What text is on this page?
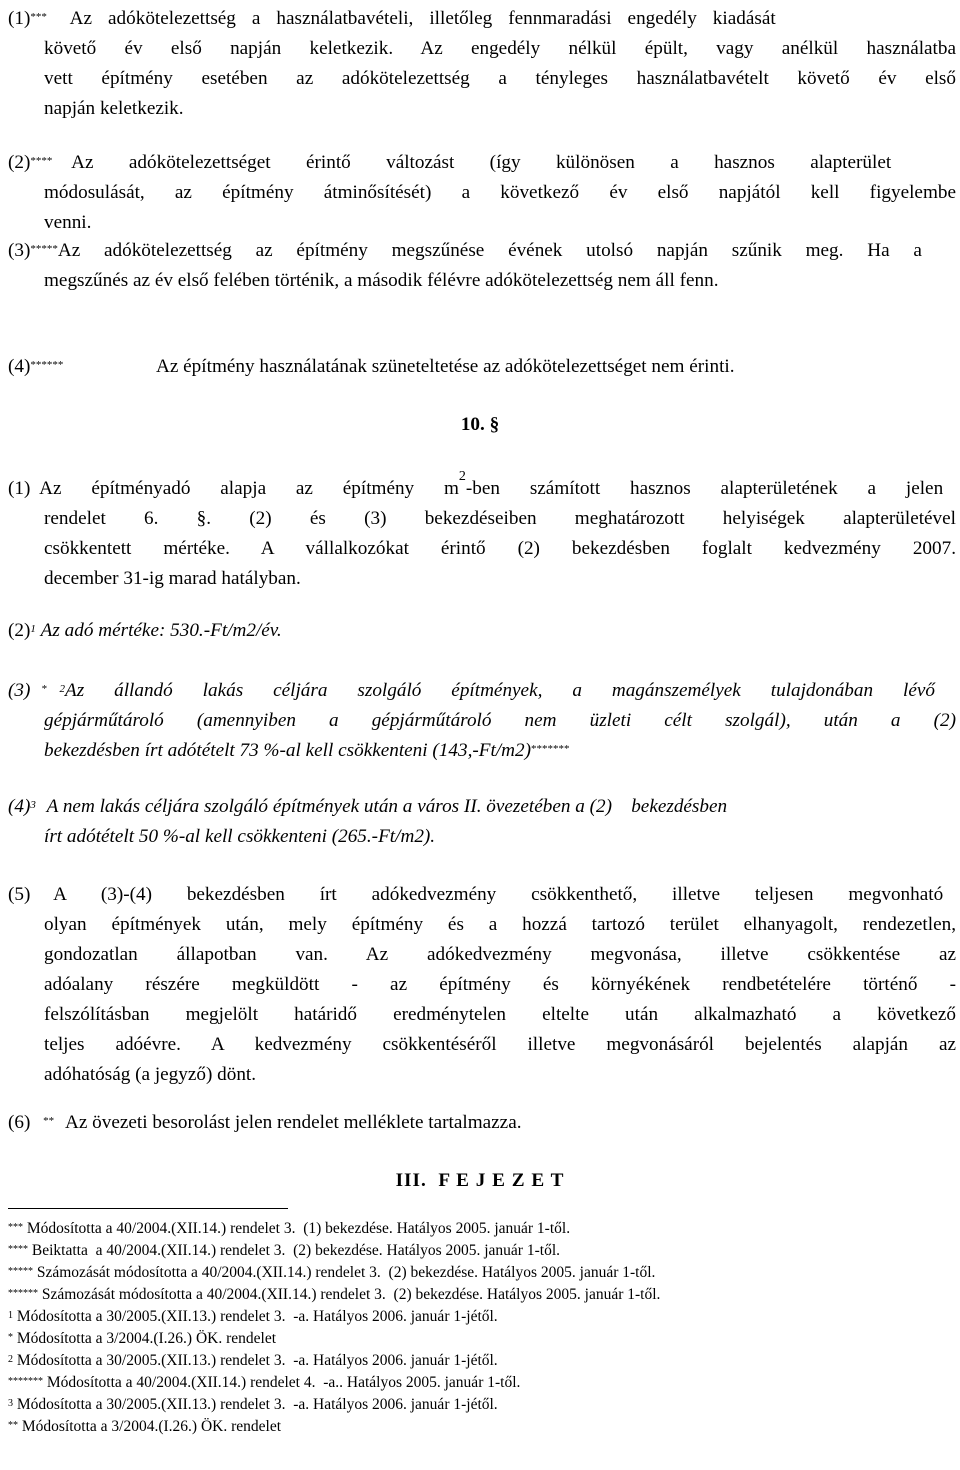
(1)*** Az adókötelezettség a használatbavételi, illetőleg fennmaradási engedély kiadását
követő év első napján keletkezik. Az engedély nélkül épült, vagy anélkül használatba
vett építmény esetében az adókötelezettség a tényleges használatbavételt követő év első
napján keletkezik.
(2)**** Az adókötelezettséget érintő változást (így különösen a hasznos alapterület
módosulását, az építmény átminősítését) a következő év első napjától kell figyelembe
venni.
(3)*****Az adókötelezettség az építmény megszűnése évének utolsó napján szűnik meg. Ha a
megszűnés az év első felében történik, a második félévre adókötelezettség nem áll fenn.
(4)******	Az építmény használatának szüneteltetése az adókötelezettséget nem érinti.
10. §
(1) Az építményadó alapja az építmény $m^2$-ben számított hasznos alapterületének a jelen
rendelet 6. §. (2) és (3) bekezdéseiben meghatározott helyiségek alapterületével
csökkentett mértéke. A vállalkozókat érintő (2) bekezdésben foglalt kedvezmény 2007.
december 31-ig marad hatályban.
$(2)^1$ Az adó mértéke: 530.-Ft/m2/év.
(3) * $^2$Az állandó lakás céljára szolgáló építmények, a magánszemélyek tulajdonában lévő
gépjárműtároló (amennyiben a gépjárműtároló nem üzleti célt szolgál), után a (2)
bekezdésben írt adótételt 73 %-al kell csökkenteni (143,-Ft/m2)*******
$(4)^3$ A nem lakás céljára szolgáló építmények után a város II. övezetében a (2)    bekezdésben
írt adótételt 50 %-al kell csökkenteni (265.-Ft/m2).
(5) A (3)-(4) bekezdésben írt adókedvezmény csökkenthető, illetve teljesen megvonható
olyan építmények után, mely építmény és a hozzá tartozó terület elhanyagolt, rendezetlen,
gondozatlan állapotban van. Az adókedvezmény megvonása, illetve csökkentése az
adóalany részére megküldött - az építmény és környékének rendbetételére történő -
felszólításban megjelölt határidő eredménytelen eltelte után alkalmazható a következő
teljes adóévre. A kedvezmény csökkentéséről illetve megvonásáról bejelentés alapján az
adóhatóság (a jegyző) dönt.
(6) ** Az övezeti besorolást jelen rendelet melléklete tartalmazza.
III.  F E J E Z E T
*** Módosította a 40/2004.(XII.14.) rendelet 3.  (1) bekezdése. Hatályos 2005. január 1-től.
**** Beiktatta  a 40/2004.(XII.14.) rendelet 3.  (2) bekezdése. Hatályos 2005. január 1-től.
***** Számozását módosította a 40/2004.(XII.14.) rendelet 3.  (2) bekezdése. Hatályos 2005. január 1-től.
****** Számozását módosította a 40/2004.(XII.14.) rendelet 3.  (2) bekezdése. Hatályos 2005. január 1-től.
$^1$ Módosította a 30/2005.(XII.13.) rendelet 3.  -a. Hatályos 2006. január 1-jétől.
* Módosította a 3/2004.(I.26.) ÖK. rendelet
$^2$ Módosította a 30/2005.(XII.13.) rendelet 3.  -a. Hatályos 2006. január 1-jétől.
******* Módosította a 40/2004.(XII.14.) rendelet 4.  -a.. Hatályos 2005. január 1-től.
$^3$ Módosította a 30/2005.(XII.13.) rendelet 3.  -a. Hatályos 2006. január 1-jétől.
** Módosította a 3/2004.(I.26.) ÖK. rendelet
